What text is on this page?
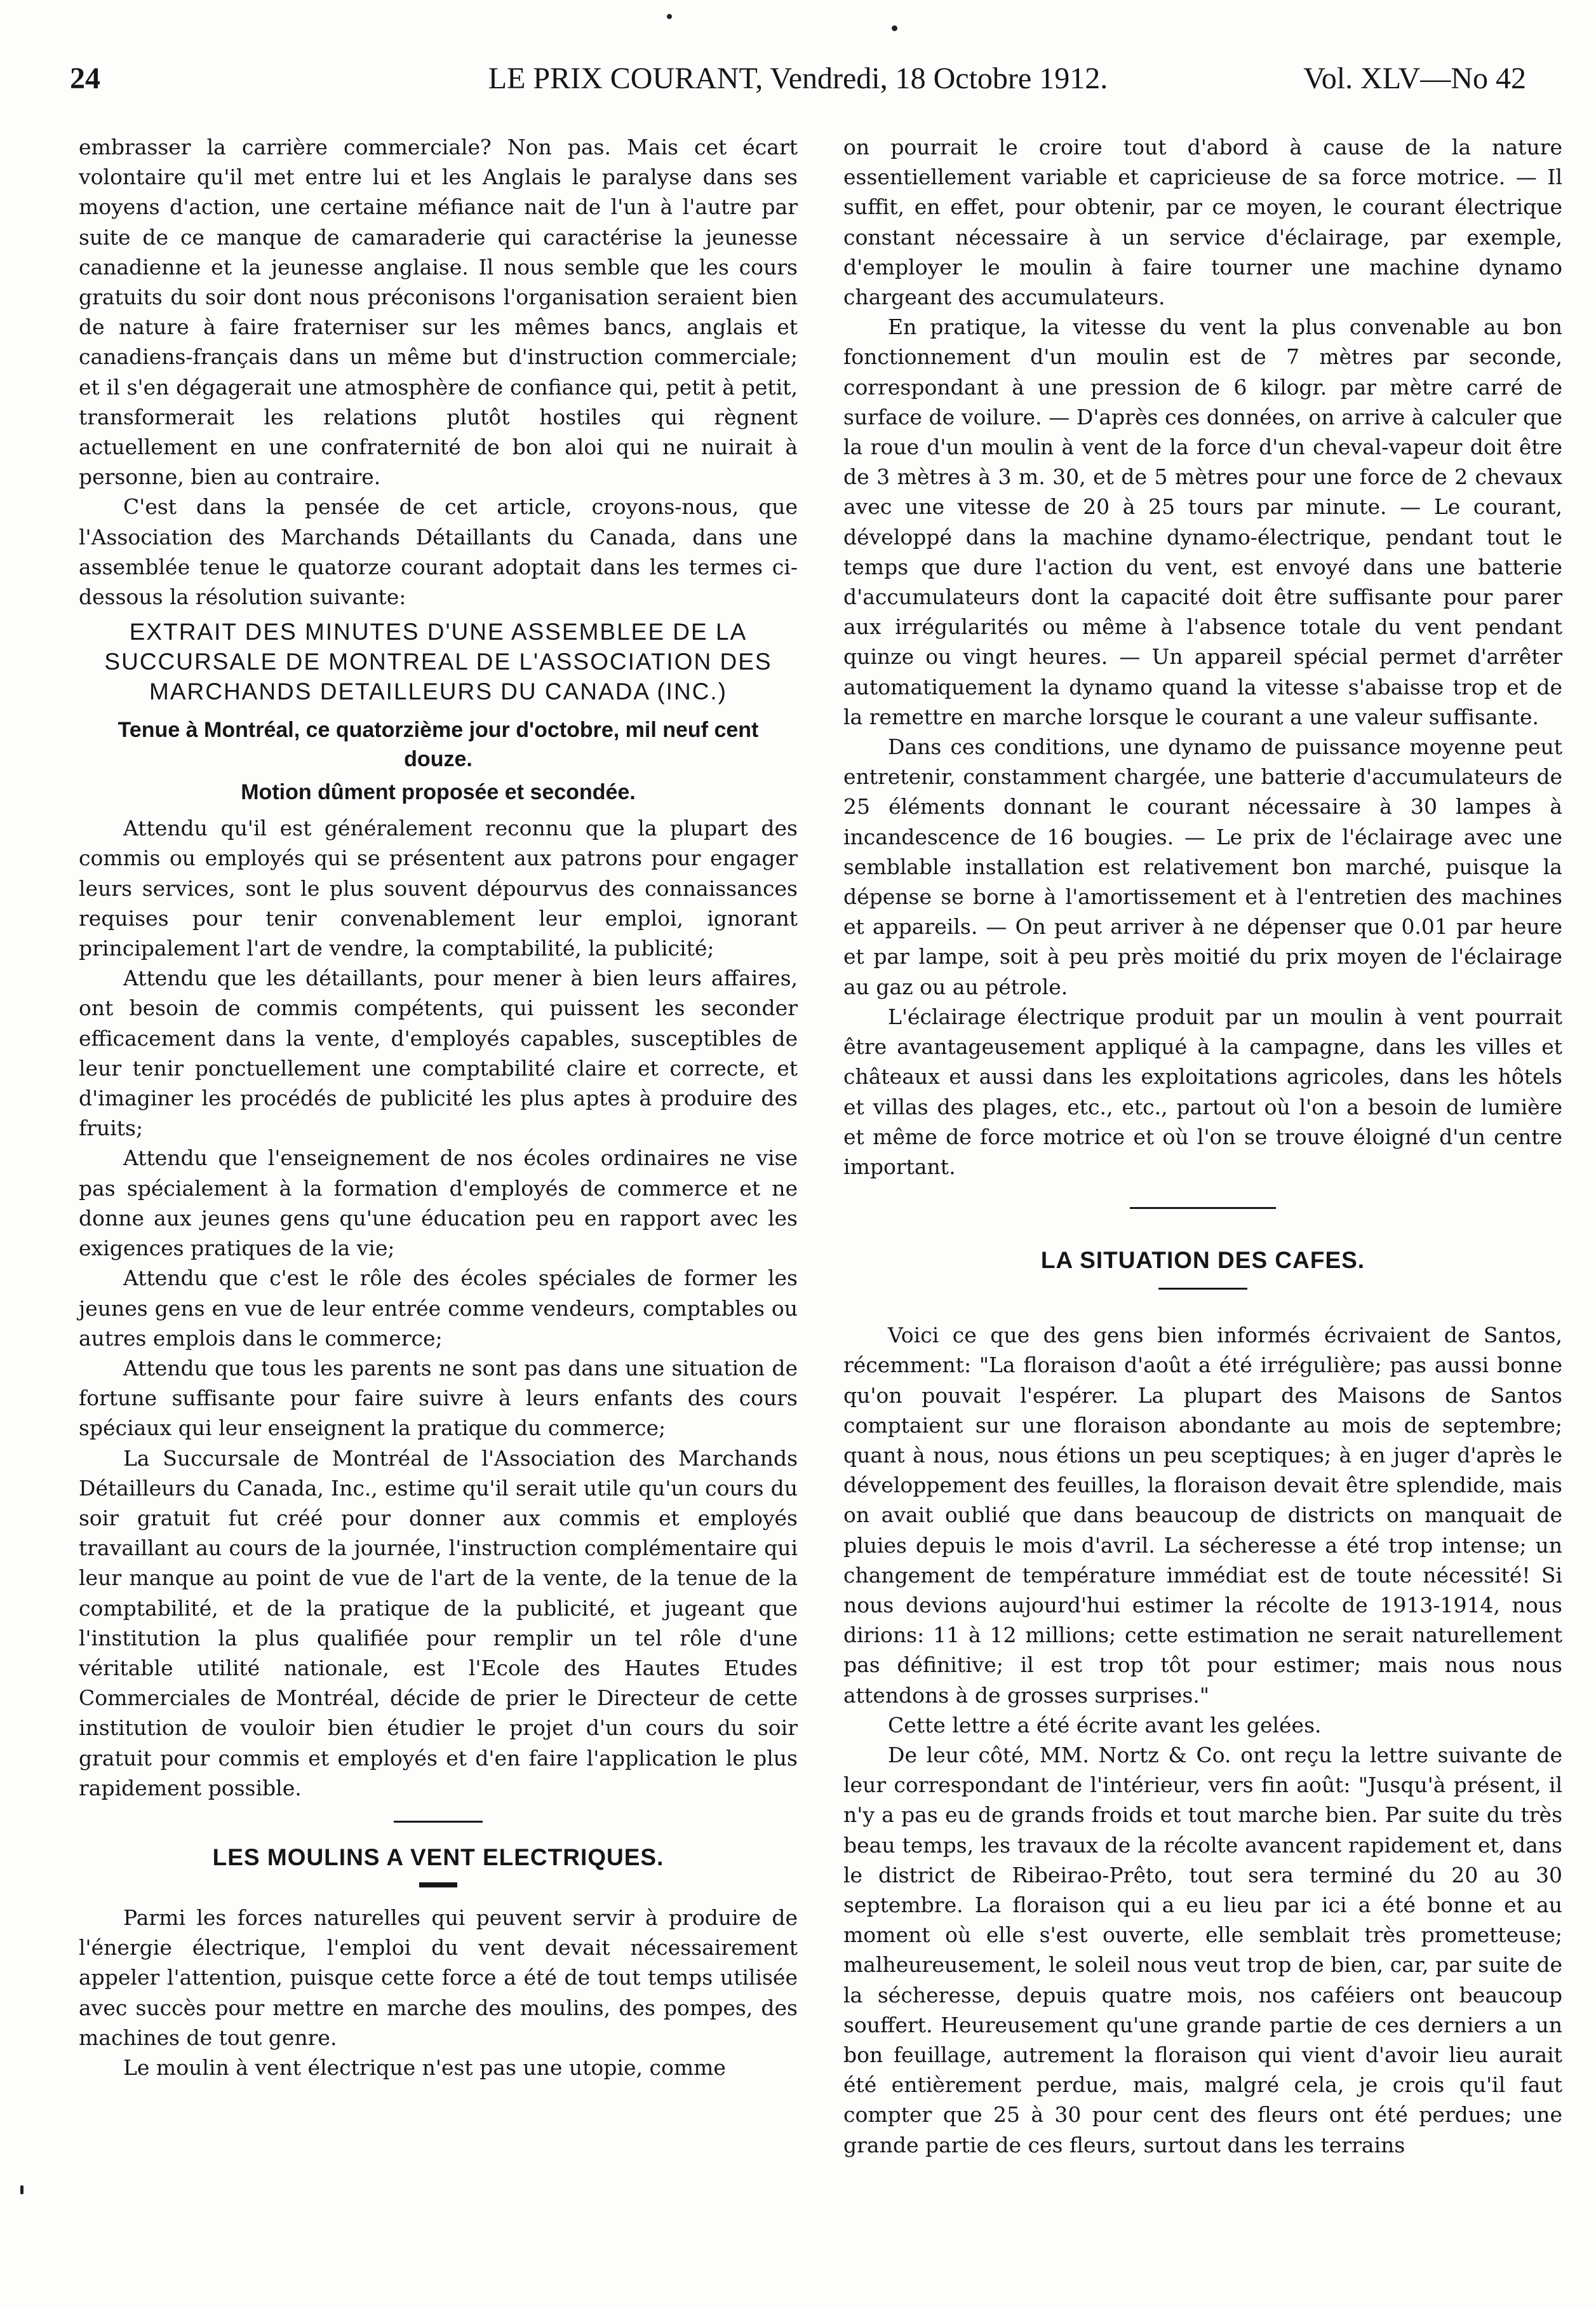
24	LE PRIX COURANT, Vendredi, 18 Octobre 1912.	Vol. XLV—No 42

embrasser la carrière commerciale? Non pas. Mais cet écart volontaire qu'il met entre lui et les Anglais le paralyse dans ses moyens d'action, une certaine méfiance nait de l'un à l'autre par suite de ce manque de camaraderie qui caractérise la jeunesse canadienne et la jeunesse anglaise. Il nous semble que les cours gratuits du soir dont nous préconisons l'organisation seraient bien de nature à faire fraterniser sur les mêmes bancs, anglais et canadiens-français dans un même but d'instruction commerciale; et il s'en dégagerait une atmosphère de confiance qui, petit à petit, transformerait les relations plutôt hostiles qui règnent actuellement en une confraternité de bon aloi qui ne nuirait à personne, bien au contraire.

C'est dans la pensée de cet article, croyons-nous, que l'Association des Marchands Détaillants du Canada, dans une assemblée tenue le quatorze courant adoptait dans les termes ci-dessous la résolution suivante:

EXTRAIT DES MINUTES D'UNE ASSEMBLEE DE LA SUCCURSALE DE MONTREAL DE L'ASSOCIATION DES MARCHANDS DETAILLEURS DU CANADA (INC.)
Tenue à Montréal, ce quatorzième jour d'octobre, mil neuf cent douze.
Motion dûment proposée et secondée.

Attendu qu'il est généralement reconnu que la plupart des commis ou employés qui se présentent aux patrons pour engager leurs services, sont le plus souvent dépourvus des connaissances requises pour tenir convenablement leur emploi, ignorant principalement l'art de vendre, la comptabilité, la publicité;

Attendu que les détaillants, pour mener à bien leurs affaires, ont besoin de commis compétents, qui puissent les seconder efficacement dans la vente, d'employés capables, susceptibles de leur tenir ponctuellement une comptabilité claire et correcte, et d'imaginer les procédés de publicité les plus aptes à produire des fruits;

Attendu que l'enseignement de nos écoles ordinaires ne vise pas spécialement à la formation d'employés de commerce et ne donne aux jeunes gens qu'une éducation peu en rapport avec les exigences pratiques de la vie;

Attendu que c'est le rôle des écoles spéciales de former les jeunes gens en vue de leur entrée comme vendeurs, comptables ou autres emplois dans le commerce;

Attendu que tous les parents ne sont pas dans une situation de fortune suffisante pour faire suivre à leurs enfants des cours spéciaux qui leur enseignent la pratique du commerce;

La Succursale de Montréal de l'Association des Marchands Détailleurs du Canada, Inc., estime qu'il serait utile qu'un cours du soir gratuit fut créé pour donner aux commis et employés travaillant au cours de la journée, l'instruction complémentaire qui leur manque au point de vue de l'art de la vente, de la tenue de la comptabilité, et de la pratique de la publicité, et jugeant que l'institution la plus qualifiée pour remplir un tel rôle d'une véritable utilité nationale, est l'Ecole des Hautes Etudes Commerciales de Montréal, décide de prier le Directeur de cette institution de vouloir bien étudier le projet d'un cours du soir gratuit pour commis et employés et d'en faire l'application le plus rapidement possible.

LES MOULINS A VENT ELECTRIQUES.

Parmi les forces naturelles qui peuvent servir à produire de l'énergie électrique, l'emploi du vent devait nécessairement appeler l'attention, puisque cette force a été de tout temps utilisée avec succès pour mettre en marche des moulins, des pompes, des machines de tout genre.

Le moulin à vent électrique n'est pas une utopie, comme

on pourrait le croire tout d'abord à cause de la nature essentiellement variable et capricieuse de sa force motrice. — Il suffit, en effet, pour obtenir, par ce moyen, le courant électrique constant nécessaire à un service d'éclairage, par exemple, d'employer le moulin à faire tourner une machine dynamo chargeant des accumulateurs.

En pratique, la vitesse du vent la plus convenable au bon fonctionnement d'un moulin est de 7 mètres par seconde, correspondant à une pression de 6 kilogr. par mètre carré de surface de voilure. — D'après ces données, on arrive à calculer que la roue d'un moulin à vent de la force d'un cheval-vapeur doit être de 3 mètres à 3 m. 30, et de 5 mètres pour une force de 2 chevaux avec une vitesse de 20 à 25 tours par minute. — Le courant, développé dans la machine dynamo-électrique, pendant tout le temps que dure l'action du vent, est envoyé dans une batterie d'accumulateurs dont la capacité doit être suffisante pour parer aux irrégularités ou même à l'absence totale du vent pendant quinze ou vingt heures. — Un appareil spécial permet d'arrêter automatiquement la dynamo quand la vitesse s'abaisse trop et de la remettre en marche lorsque le courant a une valeur suffisante.

Dans ces conditions, une dynamo de puissance moyenne peut entretenir, constamment chargée, une batterie d'accumulateurs de 25 éléments donnant le courant nécessaire à 30 lampes à incandescence de 16 bougies. — Le prix de l'éclairage avec une semblable installation est relativement bon marché, puisque la dépense se borne à l'amortissement et à l'entretien des machines et appareils. — On peut arriver à ne dépenser que 0.01 par heure et par lampe, soit à peu près moitié du prix moyen de l'éclairage au gaz ou au pétrole.

L'éclairage électrique produit par un moulin à vent pourrait être avantageusement appliqué à la campagne, dans les villes et châteaux et aussi dans les exploitations agricoles, dans les hôtels et villas des plages, etc., etc., partout où l'on a besoin de lumière et même de force motrice et où l'on se trouve éloigné d'un centre important.

LA SITUATION DES CAFES.

Voici ce que des gens bien informés écrivaient de Santos, récemment: "La floraison d'août a été irrégulière; pas aussi bonne qu'on pouvait l'espérer. La plupart des Maisons de Santos comptaient sur une floraison abondante au mois de septembre; quant à nous, nous étions un peu sceptiques; à en juger d'après le développement des feuilles, la floraison devait être splendide, mais on avait oublié que dans beaucoup de districts on manquait de pluies depuis le mois d'avril. La sécheresse a été trop intense; un changement de température immédiat est de toute nécessité! Si nous devions aujourd'hui estimer la récolte de 1913-1914, nous dirions: 11 à 12 millions; cette estimation ne serait naturellement pas définitive; il est trop tôt pour estimer; mais nous nous attendons à de grosses surprises."

Cette lettre a été écrite avant les gelées.

De leur côté, MM. Nortz & Co. ont reçu la lettre suivante de leur correspondant de l'intérieur, vers fin août: "Jusqu'à présent, il n'y a pas eu de grands froids et tout marche bien. Par suite du très beau temps, les travaux de la récolte avancent rapidement et, dans le district de Ribeirao-Prêto, tout sera terminé du 20 au 30 septembre. La floraison qui a eu lieu par ici a été bonne et au moment où elle s'est ouverte, elle semblait très prometteuse; malheureusement, le soleil nous veut trop de bien, car, par suite de la sécheresse, depuis quatre mois, nos caféiers ont beaucoup souffert. Heureusement qu'une grande partie de ces derniers a un bon feuillage, autrement la floraison qui vient d'avoir lieu aurait été entièrement perdue, mais, malgré cela, je crois qu'il faut compter que 25 à 30 pour cent des fleurs ont été perdues; une grande partie de ces fleurs, surtout dans les terrains
